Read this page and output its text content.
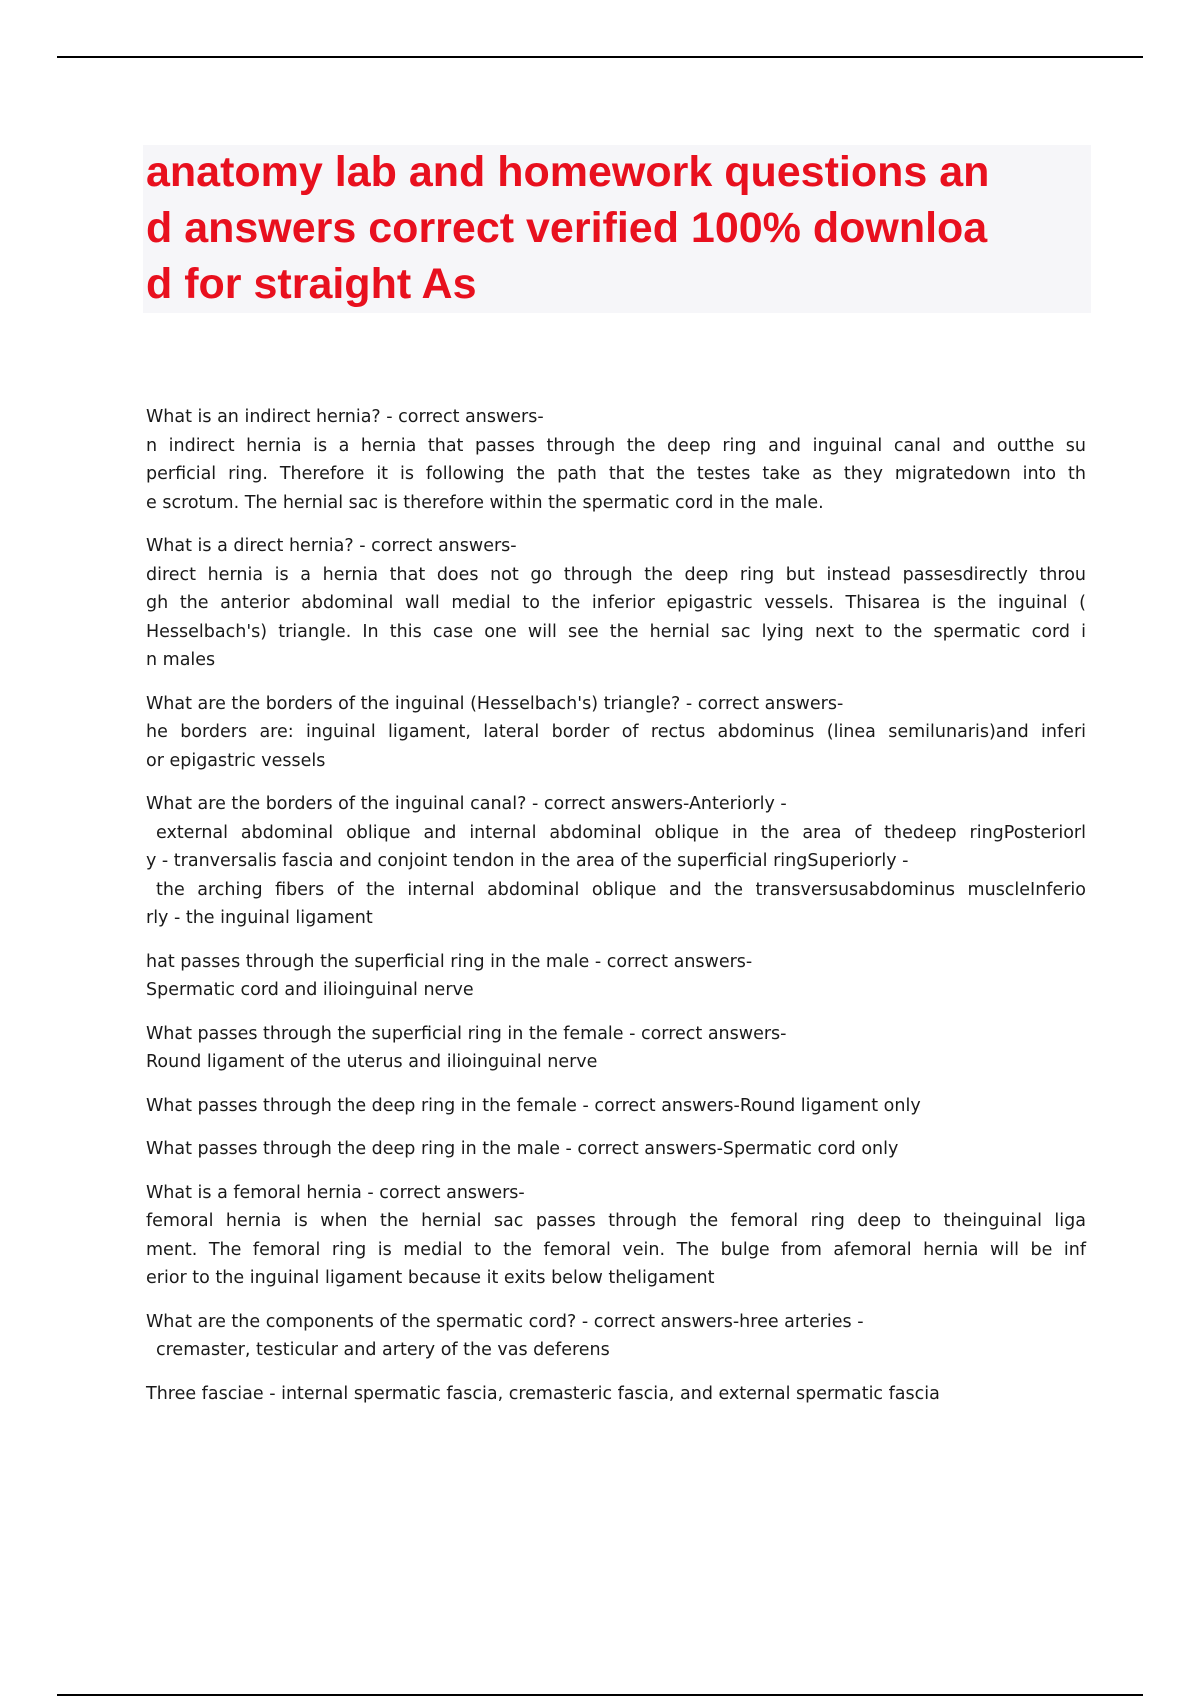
anatomy lab and homework questions an
d answers correct verified 100% downloa
d for straight As
What is an indirect hernia? - correct answers-
n indirect hernia is a hernia that passes through the deep ring and inguinal canal and outthe su
perficial ring. Therefore it is following the path that the testes take as they migratedown into th
e scrotum. The hernial sac is therefore within the spermatic cord in the male.
What is a direct hernia? - correct answers-
direct hernia is a hernia that does not go through the deep ring but instead passesdirectly throu
gh the anterior abdominal wall medial to the inferior epigastric vessels. Thisarea is the inguinal (
Hesselbach's) triangle. In this case one will see the hernial sac lying next to the spermatic cord i
n males
What are the borders of the inguinal (Hesselbach's) triangle? - correct answers-
he borders are: inguinal ligament, lateral border of rectus abdominus (linea semilunaris)and inferi
or epigastric vessels
What are the borders of the inguinal canal? - correct answers-Anteriorly -
external abdominal oblique and internal abdominal oblique in the area of thedeep ringPosteriorl
y - tranversalis fascia and conjoint tendon in the area of the superficial ringSuperiorly -
the arching fibers of the internal abdominal oblique and the transversusabdominus muscleInferio
rly - the inguinal ligament
hat passes through the superficial ring in the male - correct answers-
Spermatic cord and ilioinguinal nerve
What passes through the superficial ring in the female - correct answers-
Round ligament of the uterus and ilioinguinal nerve
What passes through the deep ring in the female - correct answers-Round ligament only
What passes through the deep ring in the male - correct answers-Spermatic cord only
What is a femoral hernia - correct answers-
femoral hernia is when the hernial sac passes through the femoral ring deep to theinguinal liga
ment. The femoral ring is medial to the femoral vein. The bulge from afemoral hernia will be inf
erior to the inguinal ligament because it exits below theligament
What are the components of the spermatic cord? - correct answers-hree arteries -
cremaster, testicular and artery of the vas deferens
Three fasciae - internal spermatic fascia, cremasteric fascia, and external spermatic fascia
